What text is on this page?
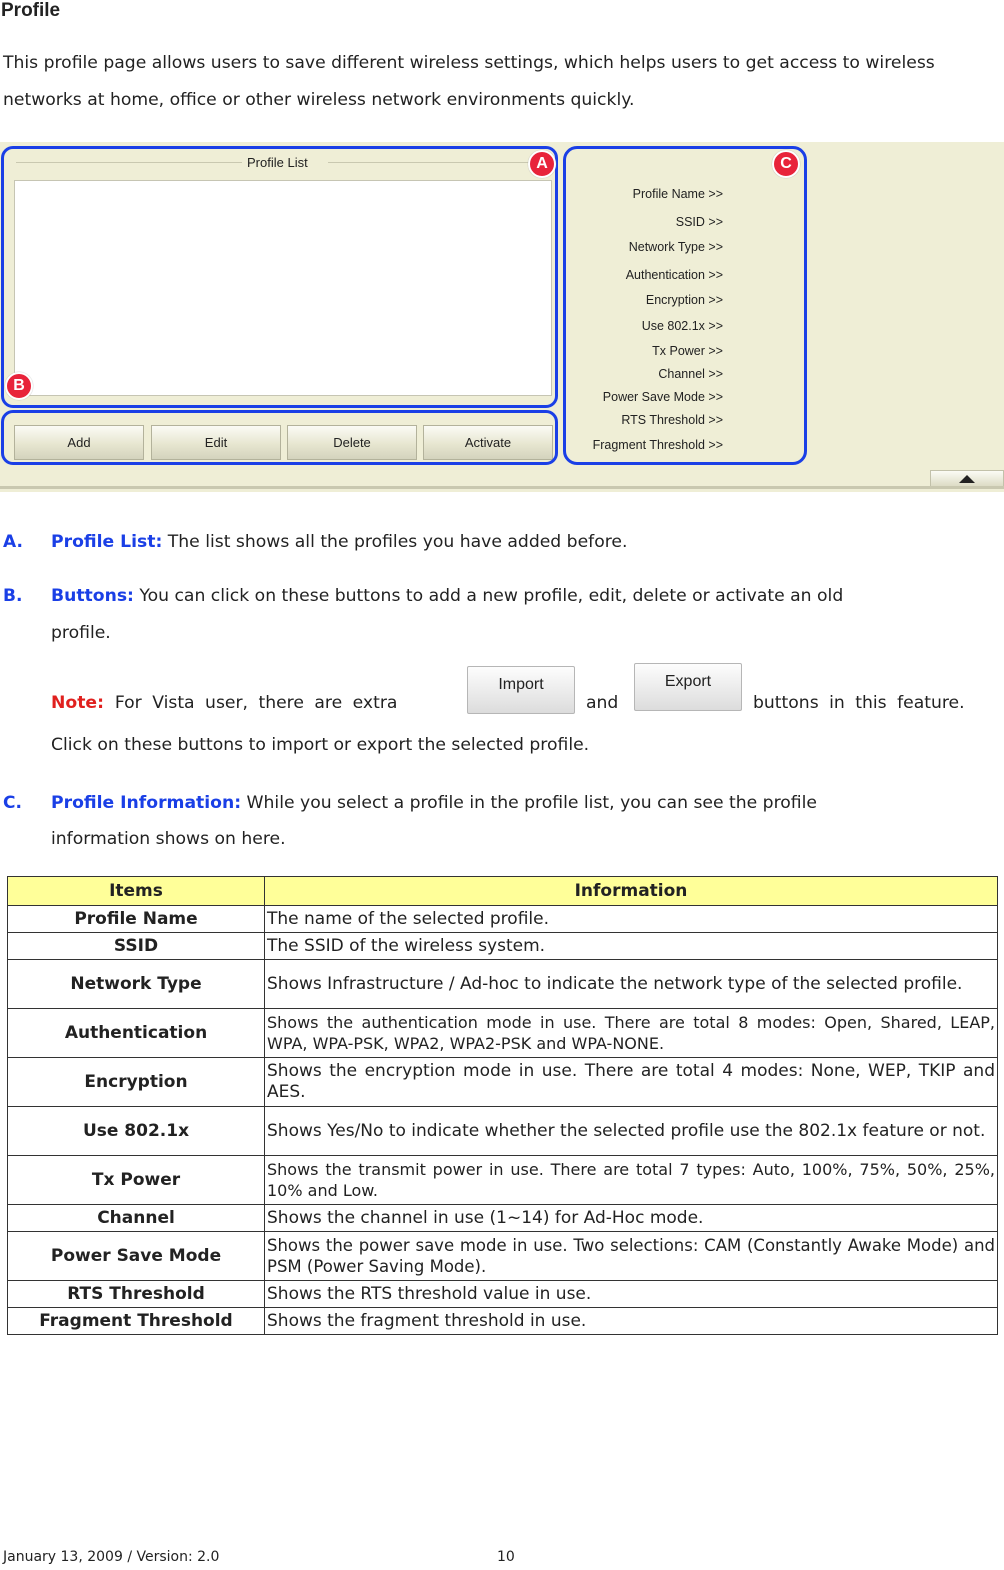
Profile
This profile page allows users to save different wireless settings, which helps users to get access to wireless networks at home, office or other wireless network environments quickly.
Profile List
Add	Edit	Delete	Activate
Profile Name >>
SSID >>
Network Type >>
Authentication >>
Encryption >>
Use 802.1x >>
Tx Power >>
Channel >>
Power Save Mode >>
RTS Threshold >>
Fragment Threshold >>
A
B
C
A. Profile List: The list shows all the profiles you have added before.
B. Buttons: You can click on these buttons to add a new profile, edit, delete or activate an old
profile.
Note: For Vista user, there are extra
Import
and
Export
buttons in this feature.
Click on these buttons to import or export the selected profile.
C. Profile Information: While you select a profile in the profile list, you can see the profile
information shows on here.
Items	Information
Profile Name	The name of the selected profile.
SSID	The SSID of the wireless system.
Network Type	Shows Infrastructure / Ad-hoc to indicate the network type of the selected profile.
Authentication	Shows the authentication mode in use. There are total 8 modes: Open, Shared, LEAP, WPA, WPA-PSK, WPA2, WPA2-PSK and WPA-NONE.
Encryption	Shows the encryption mode in use. There are total 4 modes: None, WEP, TKIP and AES.
Use 802.1x	Shows Yes/No to indicate whether the selected profile use the 802.1x feature or not.
Tx Power	Shows the transmit power in use. There are total 7 types: Auto, 100%, 75%, 50%, 25%, 10% and Low.
Channel	Shows the channel in use (1~14) for Ad-Hoc mode.
Power Save Mode	Shows the power save mode in use. Two selections: CAM (Constantly Awake Mode) and PSM (Power Saving Mode).
RTS Threshold	Shows the RTS threshold value in use.
Fragment Threshold	Shows the fragment threshold in use.
January 13, 2009 / Version: 2.0	10
